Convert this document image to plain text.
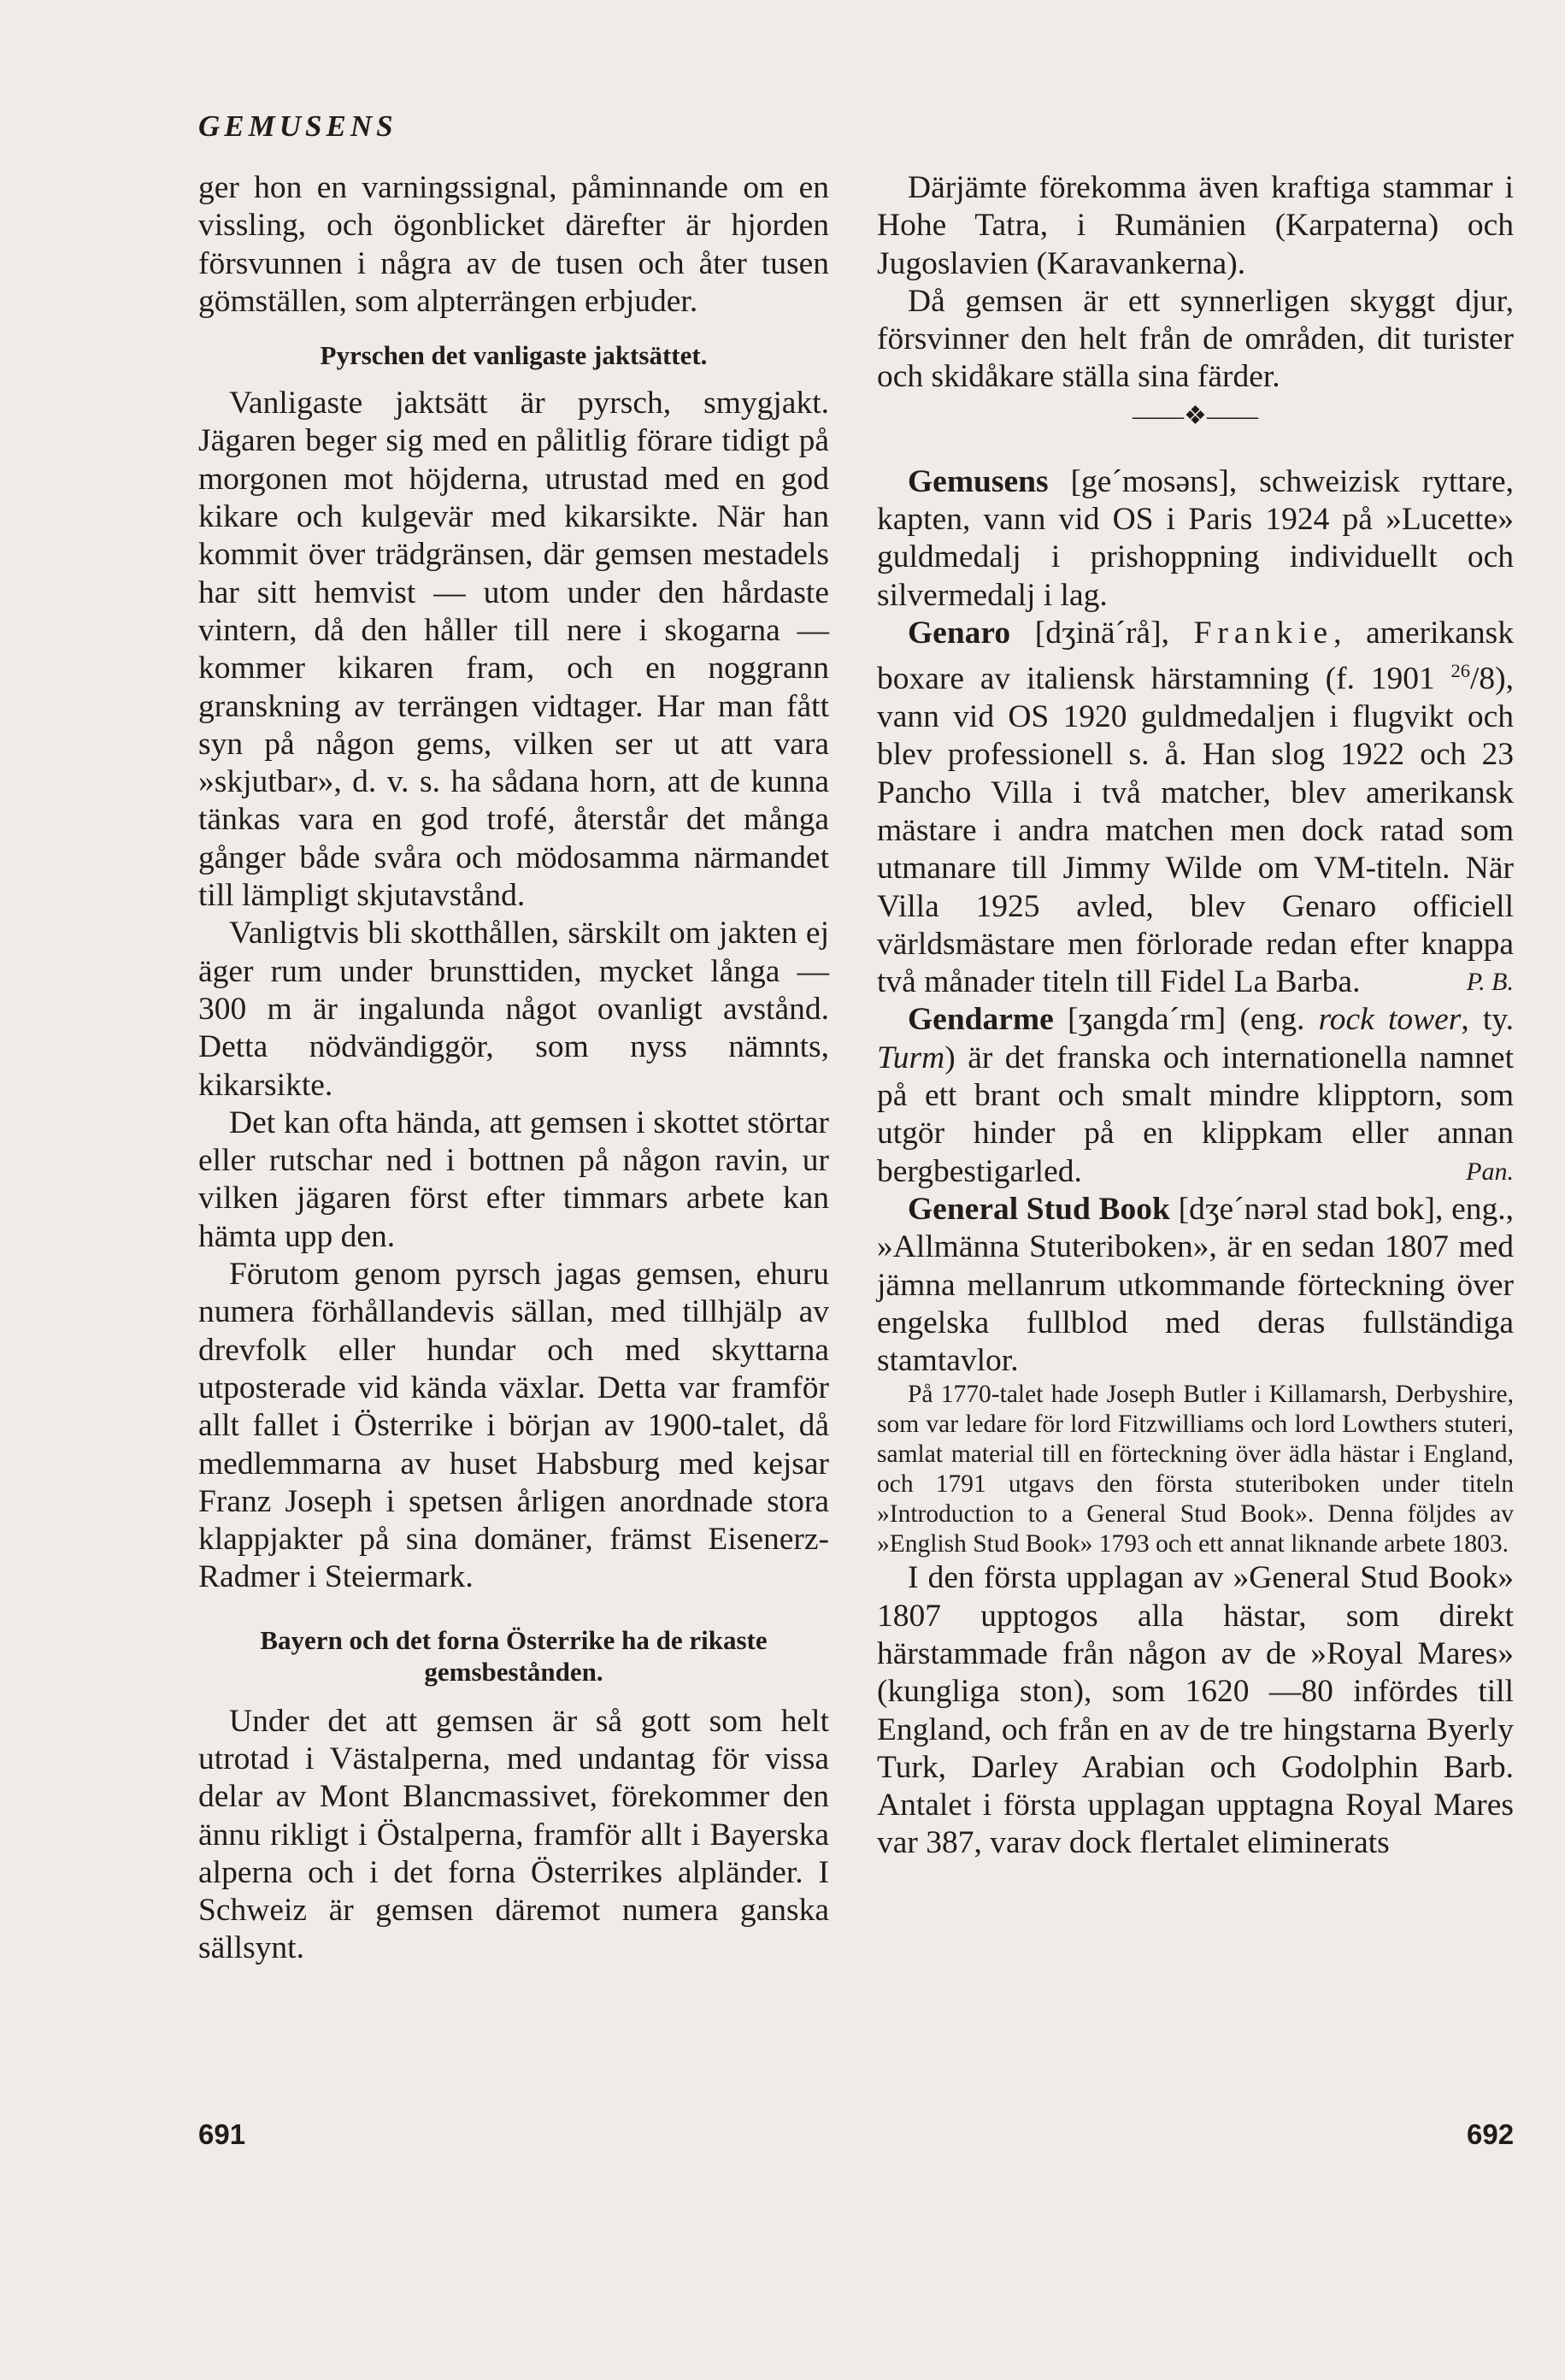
GEMUSENS

ger hon en varningssignal, påminnande om en vissling, och ögonblicket därefter är hjorden försvunnen i några av de tusen och åter tusen gömställen, som alpterrängen erbjuder.

Pyrschen det vanligaste jaktsättet.

Vanligaste jaktsätt är pyrsch, smygjakt. Jägaren beger sig med en pålitlig förare tidigt på morgonen mot höjderna, utrustad med en god kikare och kulgevär med kikarsikte. När han kommit över trädgränsen, där gemsen mestadels har sitt hemvist — utom under den hårdaste vintern, då den håller till nere i skogarna — kommer kikaren fram, och en noggrann granskning av terrängen vidtager. Har man fått syn på någon gems, vilken ser ut att vara »skjutbar», d. v. s. ha sådana horn, att de kunna tänkas vara en god trofé, återstår det många gånger både svåra och mödosamma närmandet till lämpligt skjutavstånd.

Vanligtvis bli skotthållen, särskilt om jakten ej äger rum under brunsttiden, mycket långa — 300 m är ingalunda något ovanligt avstånd. Detta nödvändiggör, som nyss nämnts, kikarsikte.

Det kan ofta hända, att gemsen i skottet störtar eller rutschar ned i bottnen på någon ravin, ur vilken jägaren först efter timmars arbete kan hämta upp den.

Förutom genom pyrsch jagas gemsen, ehuru numera förhållandevis sällan, med tillhjälp av drevfolk eller hundar och med skyttarna utposterade vid kända växlar. Detta var framför allt fallet i Österrike i början av 1900-talet, då medlemmarna av huset Habsburg med kejsar Franz Joseph i spetsen årligen anordnade stora klappjakter på sina domäner, främst Eisenerz-Radmer i Steiermark.

Bayern och det forna Österrike ha de rikaste gemsbestånden.

Under det att gemsen är så gott som helt utrotad i Västalperna, med undantag för vissa delar av Mont Blancmassivet, förekommer den ännu rikligt i Östalperna, framför allt i Bayerska alperna och i det forna Österrikes alpländer. I Schweiz är gemsen däremot numera ganska sällsynt.

Därjämte förekomma även kraftiga stammar i Hohe Tatra, i Rumänien (Karpaterna) och Jugoslavien (Karavankerna).

Då gemsen är ett synnerligen skyggt djur, försvinner den helt från de områden, dit turister och skidåkare ställa sina färder.

——❖——

Gemusens [ge´mosəns], schweizisk ryttare, kapten, vann vid OS i Paris 1924 på »Lucette» guldmedalj i prishoppning individuellt och silvermedalj i lag.

Genaro [dʒinä´rå], Frankie, amerikansk boxare av italiensk härstamning (f. 1901 $^{26}$/8), vann vid OS 1920 guldmedaljen i flugvikt och blev professionell s. å. Han slog 1922 och 23 Pancho Villa i två matcher, blev amerikansk mästare i andra matchen men dock ratad som utmanare till Jimmy Wilde om VM-titeln. När Villa 1925 avled, blev Genaro officiell världsmästare men förlorade redan efter knappa två månader titeln till Fidel La Barba.	P. B.

Gendarme [ʒangda´rm] (eng. rock tower, ty. Turm) är det franska och internationella namnet på ett brant och smalt mindre klipptorn, som utgör hinder på en klippkam eller annan bergbestigarled.	Pan.

General Stud Book [dʒe´nərəl stad bok], eng., »Allmänna Stuteriboken», är en sedan 1807 med jämna mellanrum utkommande förteckning över engelska fullblod med deras fullständiga stamtavlor.

På 1770-talet hade Joseph Butler i Killamarsh, Derbyshire, som var ledare för lord Fitzwilliams och lord Lowthers stuteri, samlat material till en förteckning över ädla hästar i England, och 1791 utgavs den första stuteriboken under titeln »Introduction to a General Stud Book». Denna följdes av »English Stud Book» 1793 och ett annat liknande arbete 1803.

I den första upplagan av »General Stud Book» 1807 upptogos alla hästar, som direkt härstammade från någon av de »Royal Mares» (kungliga ston), som 1620 —80 infördes till England, och från en av de tre hingstarna Byerly Turk, Darley Arabian och Godolphin Barb. Antalet i första upplagan upptagna Royal Mares var 387, varav dock flertalet eliminerats

691	692
